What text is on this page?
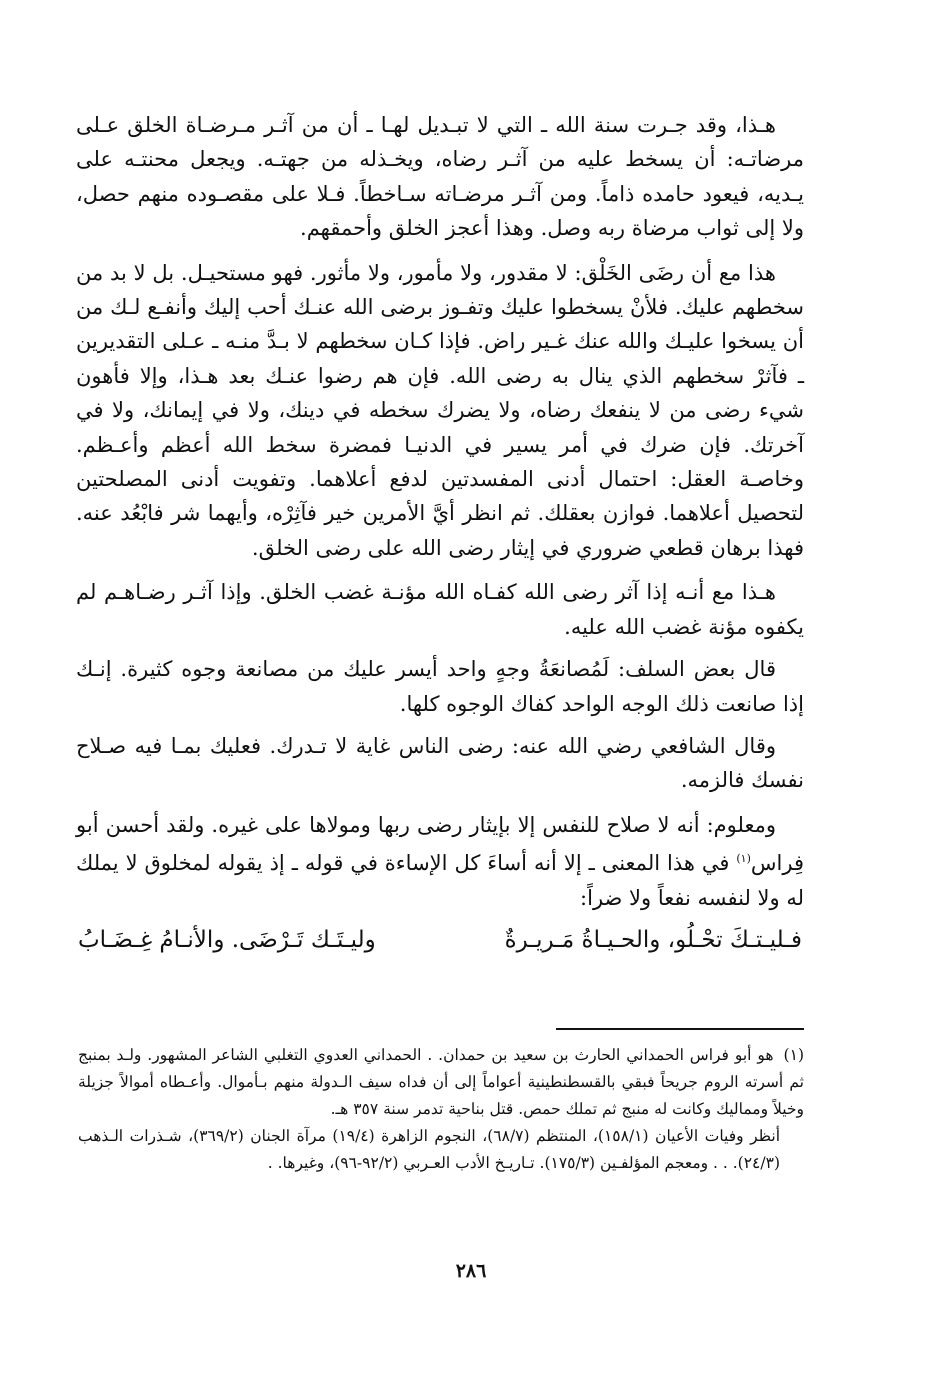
هـذا، وقد جـرت سنة الله ـ التي لا تبـديل لهـا ـ أن من آثـر مـرضـاة الخلق عـلى مرضاتـه: أن يسخط عليه من آثـر رضاه، ويخـذله من جهتـه. ويجعل محنتـه على يـديه، فيعود حامده ذاماً. ومن آثـر مرضـاته سـاخطاً. فـلا على مقصـوده منهم حصل، ولا إلى ثواب مرضاة ربه وصل. وهذا أعجز الخلق وأحمقهم.

هذا مع أن رضَى الخَلْق: لا مقدور، ولا مأمور، ولا مأثور. فهو مستحيـل. بل لا بد من سخطهم عليك. فلأنْ يسخطوا عليك وتفـوز برضى الله عنـك أحب إليك وأنفـع لـك من أن يسخوا عليـك والله عنك غـير راض. فإذا كـان سخطهم لا بـدَّ منـه ـ عـلى التقديرين ـ فآثرْ سخطهم الذي ينال به رضى الله. فإن هم رضوا عنـك بعد هـذا، وإلا فأهون شيء رضى من لا ينفعك رضاه، ولا يضرك سخطه في دينك، ولا في إيمانك، ولا في آخرتك. فإن ضرك في أمر يسير في الدنيـا فمضرة سخط الله أعظم وأعـظم. وخاصـة العقل: احتمال أدنى المفسدتين لدفع أعلاهما. وتفويت أدنى المصلحتين لتحصيل أعلاهما. فوازن بعقلك. ثم انظر أيَّ الأمرين خير فآثِرْه، وأيهما شر فابْعُد عنه. فهذا برهان قطعي ضروري في إيثار رضى الله على رضى الخلق.

هـذا مع أنـه إذا آثر رضى الله كفـاه الله مؤنـة غضب الخلق. وإذا آثـر رضـاهـم لم يكفوه مؤنة غضب الله عليه.

قال بعض السلف: لَمُصانعَةُ وجهٍ واحد أيسر عليك من مصانعة وجوه كثيرة. إنـك إذا صانعت ذلك الوجه الواحد كفاك الوجوه كلها.

وقال الشافعي رضي الله عنه: رضى الناس غاية لا تـدرك. فعليك بمـا فيه صـلاح نفسك فالزمه.

ومعلوم: أنه لا صلاح للنفس إلا بإيثار رضى ربها ومولاها على غيره. ولقد أحسن أبو فِراس$^{(١)}$ في هذا المعنى ـ إلا أنه أساءَ كل الإساءة في قوله ـ إذ يقوله لمخلوق لا يملك له ولا لنفسه نفعاً ولا ضراً:

فـليـتـكَ تحْـلُو، والحـيـاةُ مَـريـرةٌ
وليـتَـك تَـرْضَى. والأنـامُ غِـضَـابُ

(١)هو أبو فراس الحمداني الحارث بن سعيد بن حمدان. . الحمداني العدوي التغلبي الشاعر المشهور. ولـد بمنبج ثم أسرته الروم جريحاً فبقي بالقسطنطينية أعواماً إلى أن فداه سيف الـدولة منهم بـأموال. وأعـطاه أموالاً جزيلة وخيلاً ومماليك وكانت له منبج ثم تملك حمص. قتل بناحية تدمر سنة ٣٥٧ هـ.

أنظر وفيات الأعيان (١٥٨/١)، المنتظم (٦٨/٧)، النجوم الزاهرة (١٩/٤) مرآة الجنان (٣٦٩/٢)، شـذرات الـذهب (٢٤/٣). . . ومعجم المؤلفـين (١٧٥/٣). تـاريـخ الأدب العـربي (٩٢/٢-٩٦)، وغيرها. .

٢٨٦
